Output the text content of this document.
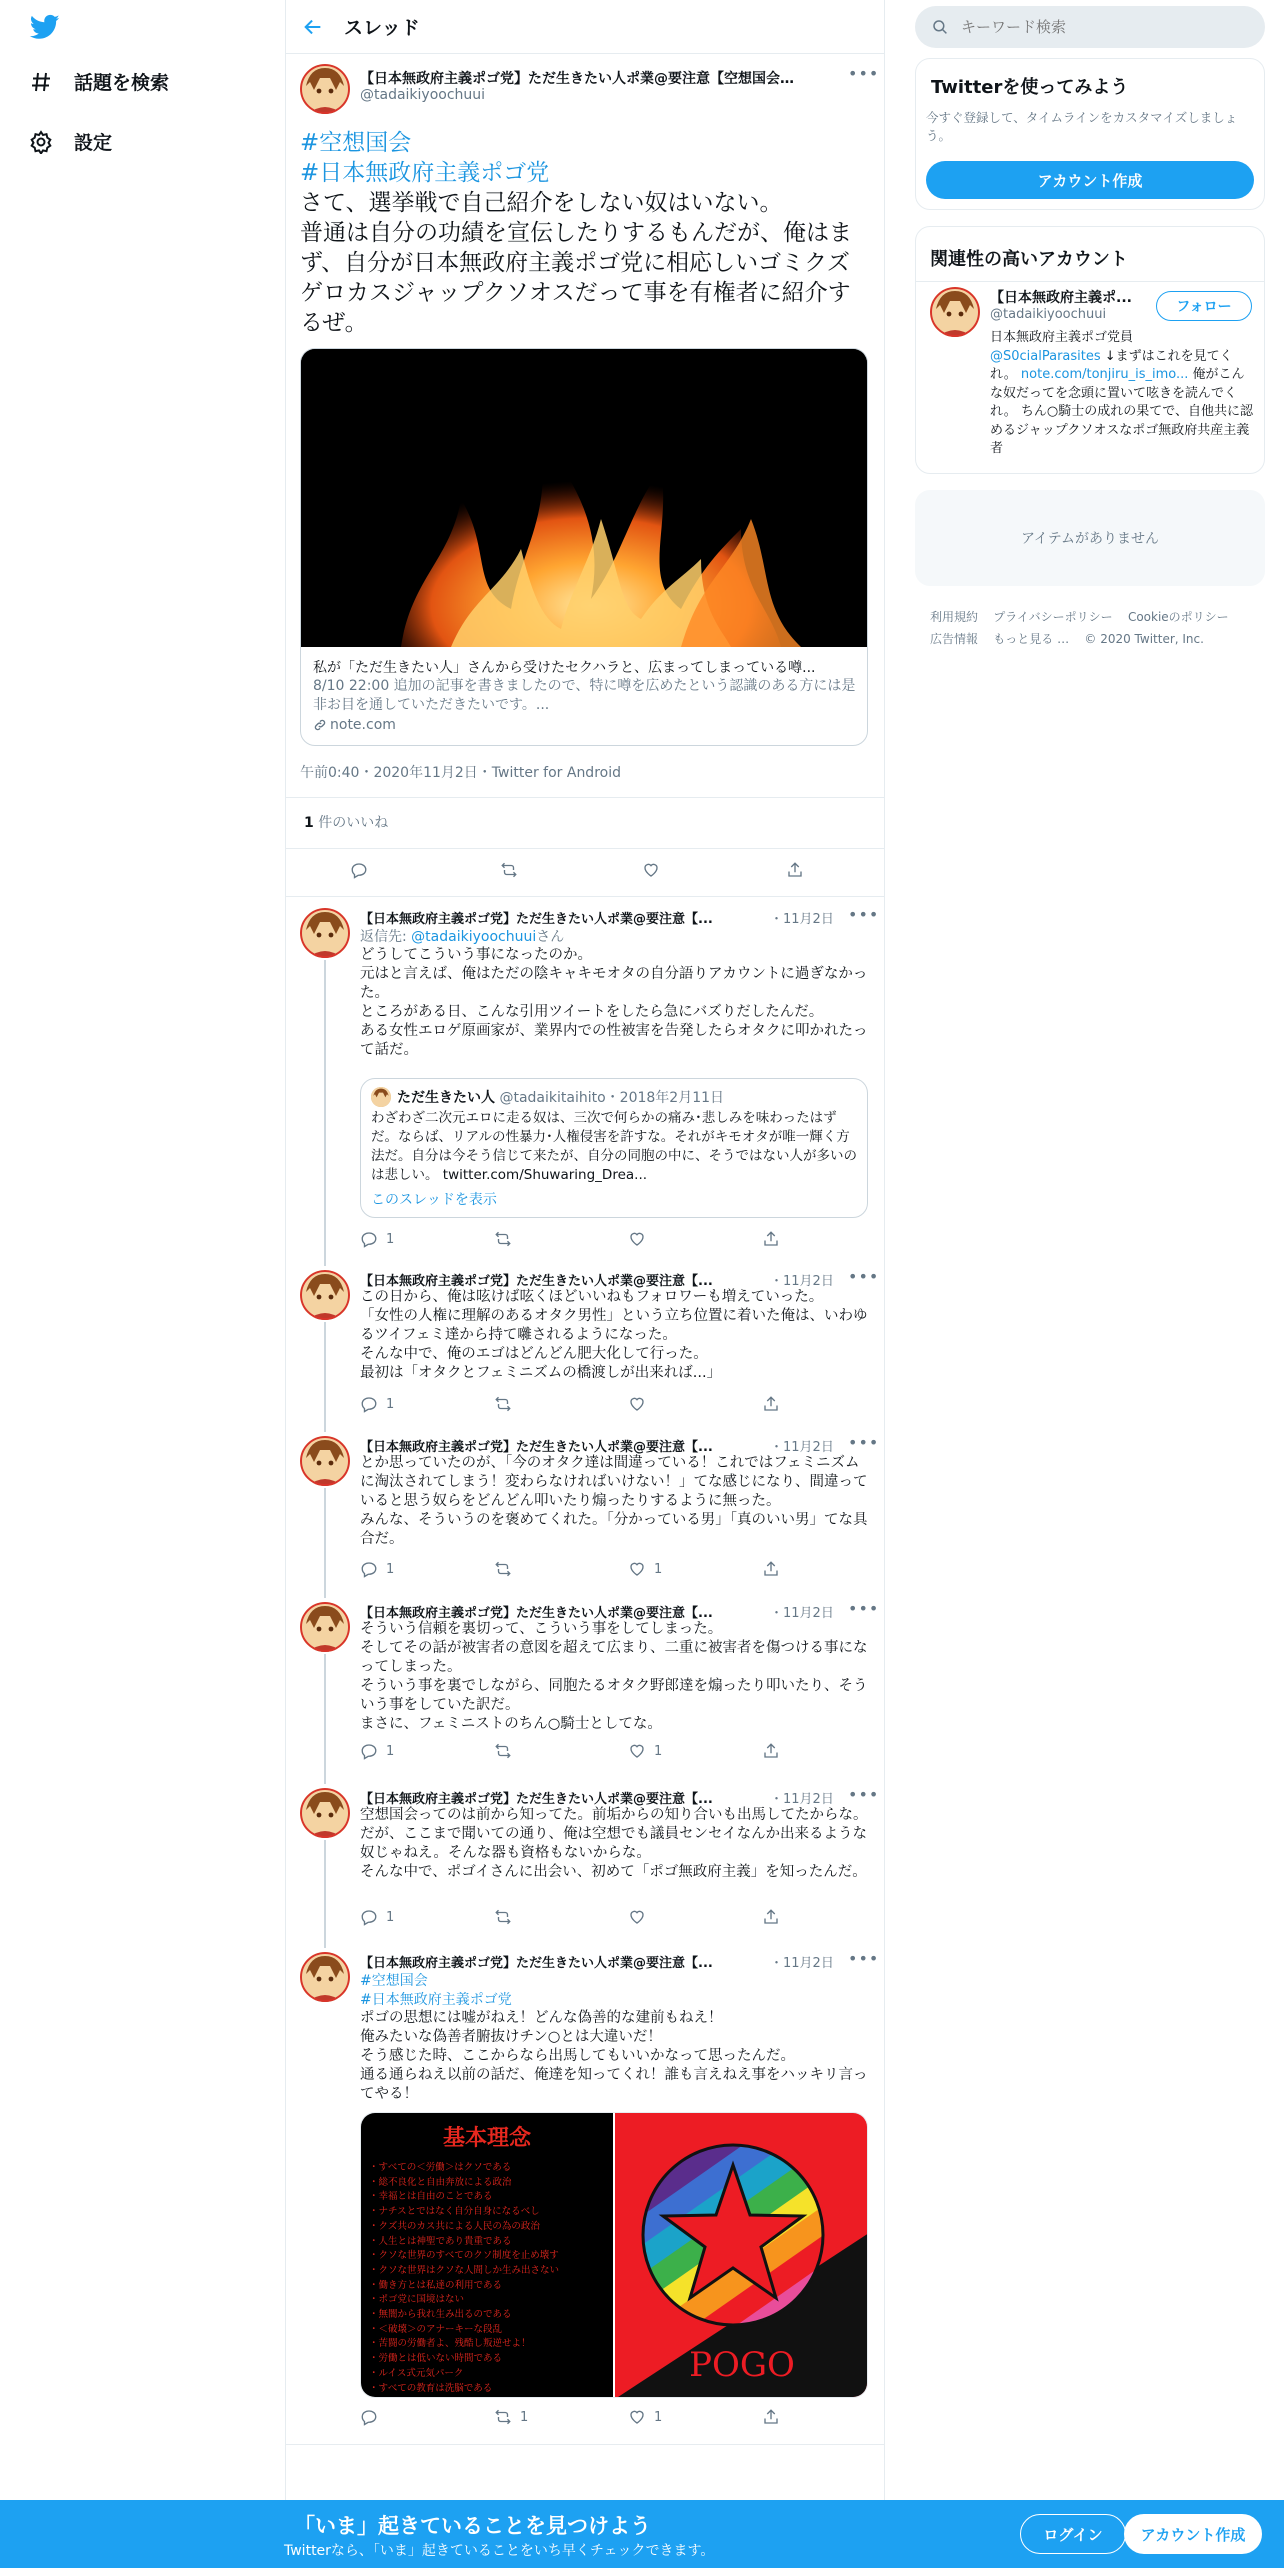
話題を検索
設定
スレッド
【日本無政府主義ポゴ党】ただ生きたい人ポ業@要注意【空想国会…
@tadaikiyoochuui
•••
#空想国会
#日本無政府主義ポゴ党
さて、選挙戦で自己紹介をしない奴はいない。
普通は自分の功績を宣伝したりするもんだが、俺はまず、自分が日本無政府主義ポゴ党に相応しいゴミクズゲロカスジャップクソオスだって事を有権者に紹介するぜ。
私が「ただ生きたい人」さんから受けたセクハラと、広まってしまっている噂...
8/10 22:00 追加の記事を書きましたので、特に噂を広めたという認識のある方には是非お目を通していただきたいです。...
note.com
午前0:40・2020年11月2日・Twitter for Android
1 件のいいね
【日本無政府主義ポゴ党】ただ生きたい人ポ業@要注意【...	・11月2日 •••
返信先: @tadaikiyoochuuiさん
どうしてこういう事になったのか。
元はと言えば、俺はただの陰キャキモオタの自分語りアカウントに過ぎなかった。
ところがある日、こんな引用ツイートをしたら急にバズりだしたんだ。
ある女性エロゲ原画家が、業界内での性被害を告発したらオタクに叩かれたって話だ。
ただ生きたい人 @tadaikitaihito・2018年2月11日
わざわざ二次元エロに走る奴は、三次で何らかの痛み･悲しみを味わったはずだ。ならば、リアルの性暴力･人権侵害を許すな。それがキモオタが唯一輝く方法だ。自分は今そう信じて来たが、自分の同胞の中に、そうではない人が多いのは悲しい。 twitter.com/Shuwaring_Drea...
このスレッドを表示
1
【日本無政府主義ポゴ党】ただ生きたい人ポ業@要注意【...	・11月2日 •••
この日から、俺は呟けば呟くほどいいねもフォロワーも増えていった。
「女性の人権に理解のあるオタク男性」という立ち位置に着いた俺は、いわゆるツイフェミ達から持て囃されるようになった。
そんな中で、俺のエゴはどんどん肥大化して行った。
最初は「オタクとフェミニズムの橋渡しが出来れば...」
1
【日本無政府主義ポゴ党】ただ生きたい人ポ業@要注意【...	・11月2日 •••
とか思っていたのが、「今のオタク達は間違っている！これではフェミニズムに淘汰されてしまう！変わらなければいけない！」てな感じになり、間違っていると思う奴らをどんどん叩いたり煽ったりするように無った。
みんな、そういうのを褒めてくれた。「分かっている男」「真のいい男」てな具合だ。
1	1
【日本無政府主義ポゴ党】ただ生きたい人ポ業@要注意【...	・11月2日 •••
そういう信頼を裏切って、こういう事をしてしまった。
そしてその話が被害者の意図を超えて広まり、二重に被害者を傷つける事になってしまった。
そういう事を裏でしながら、同胞たるオタク野郎達を煽ったり叩いたり、そういう事をしていた訳だ。
まさに、フェミニストのちん○騎士としてな。
1	1
【日本無政府主義ポゴ党】ただ生きたい人ポ業@要注意【...	・11月2日 •••
空想国会ってのは前から知ってた。前垢からの知り合いも出馬してたからな。だが、ここまで聞いての通り、俺は空想でも議員センセイなんか出来るような奴じゃねえ。そんな器も資格もないからな。
そんな中で、ポゴイさんに出会い、初めて「ポゴ無政府主義」を知ったんだ。
1
【日本無政府主義ポゴ党】ただ生きたい人ポ業@要注意【...	・11月2日 •••
#空想国会
#日本無政府主義ポゴ党
ポゴの思想には嘘がねえ！どんな偽善的な建前もねえ！
俺みたいな偽善者腑抜けチン○とは大違いだ！
そう感じた時、ここからなら出馬してもいいかなって思ったんだ。
通る通らねえ以前の話だ、俺達を知ってくれ！誰も言えねえ事をハッキリ言ってやる！
基本理念
・すべての＜労働＞はクソである
・総不良化と自由奔放による政治
・幸福とは自由のことである
・ナチスとではなく自分自身になるべし
・クズ共のカス共による人民の為の政治
・人生とは神聖であり貴重である
・クソな世界のすべてのクソ制度を止め壊す
・クソな世界はクソな人間しか生み出さない
・働き方とは私達の利用である
・ポゴ党に国境はない
・無闇から我れ生み出るのである
・＜破壊＞のアナーキーな段乱
・苦闘の労働者よ、残酷し叛逆せよ！
・労働とは低いない時間である
・ルイス式元気パーク
・すべての教育は洗脳である
POGO
1	1
キーワード検索
Twitterを使ってみよう
今すぐ登録して、タイムラインをカスタマイズしましょう。
アカウント作成
関連性の高いアカウント
【日本無政府主義ポ...
@tadaikiyoochuui	フォロー
日本無政府主義ポゴ党員
@S0cialParasites ↓まずはこれを見てくれ。 note.com/tonjiru_is_imo... 俺がこんな奴だってを念頭に置いて呟きを読んでくれ。 ちん○騎士の成れの果てで、自他共に認めるジャップクソオスなポゴ無政府共産主義者
アイテムがありません
利用規約 プライバシーポリシー Cookieのポリシー
広告情報 もっと見る … © 2020 Twitter, Inc.
「いま」起きていることを見つけよう
Twitterなら、「いま」起きていることをいち早くチェックできます。
ログイン	アカウント作成
